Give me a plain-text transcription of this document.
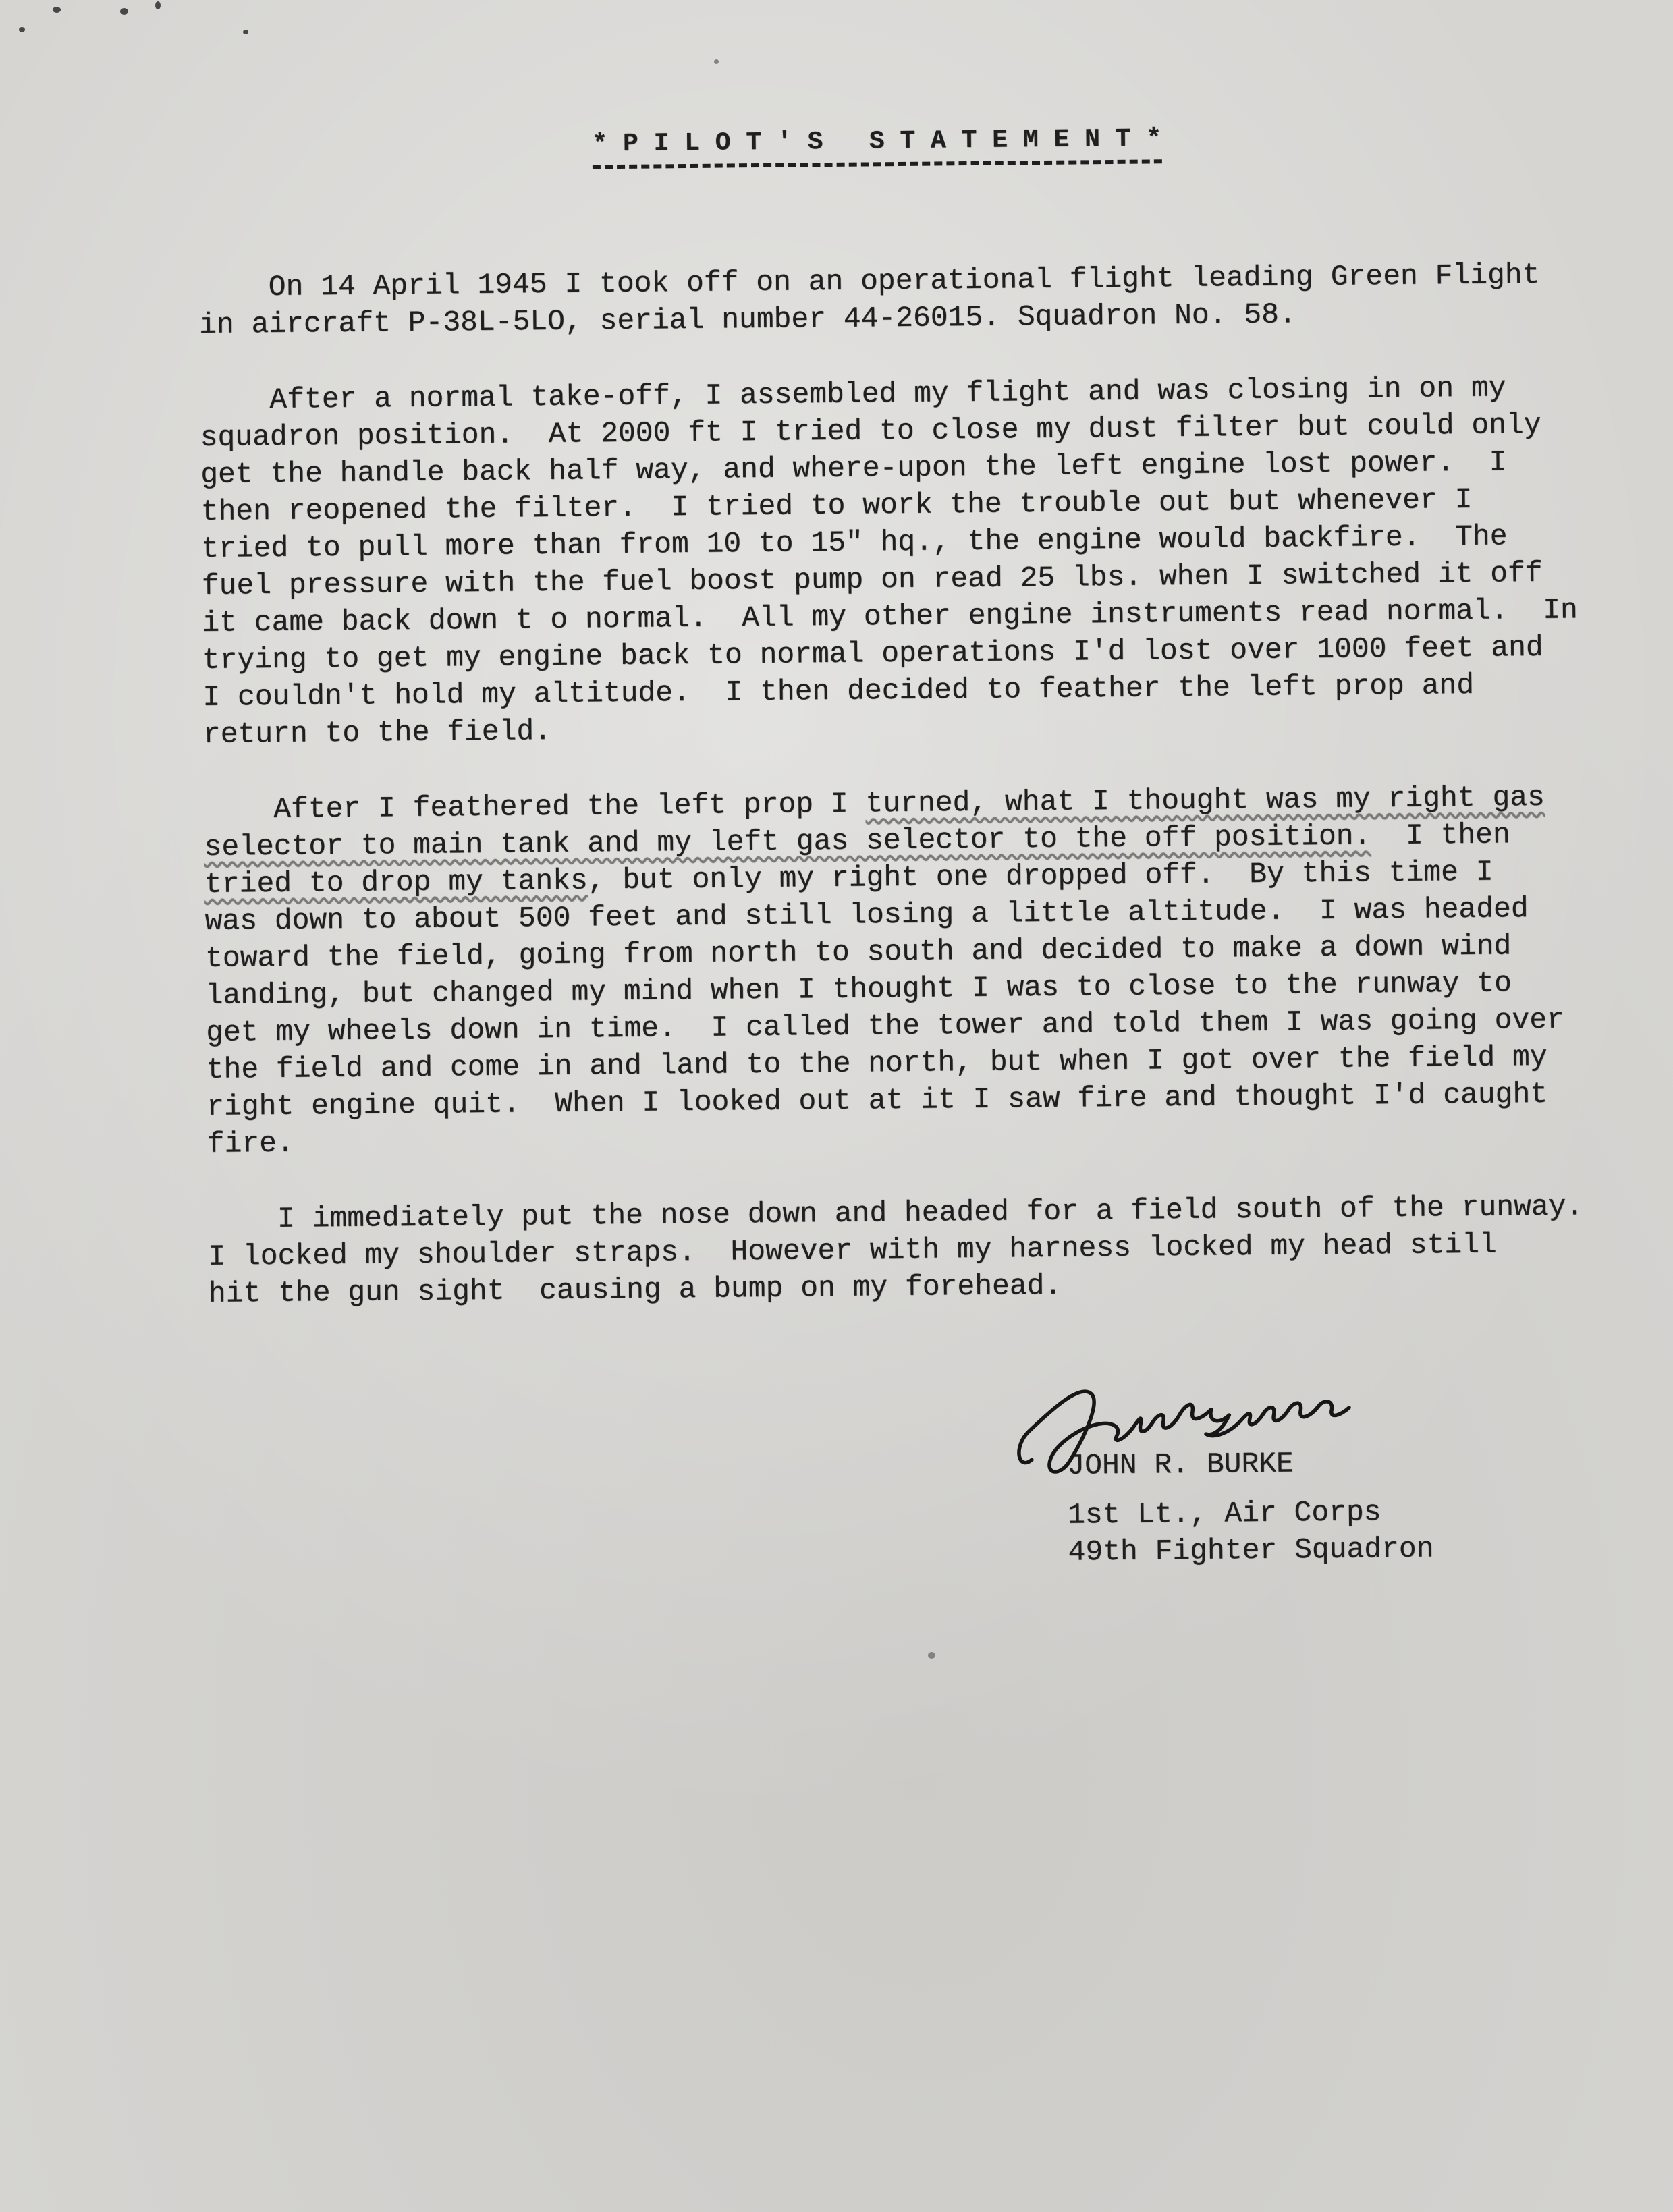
* P I L O T ' S   S T A T E M E N T *

On 14 April 1945 I took off on an operational flight leading Green Flight
in aircraft P-38L-5LO, serial number 44-26015. Squadron No. 58.
After a normal take-off, I assembled my flight and was closing in on my
squadron position.  At 2000 ft I tried to close my dust filter but could only
get the handle back half way, and where-upon the left engine lost power.  I
then reopened the filter.  I tried to work the trouble out but whenever I
tried to pull more than from 10 to 15" hq., the engine would backfire.  The
fuel pressure with the fuel boost pump on read 25 lbs. when I switched it off
it came back down t o normal.  All my other engine instruments read normal.  In
trying to get my engine back to normal operations I'd lost over 1000 feet and
I couldn't hold my altitude.  I then decided to feather the left prop and
return to the field.
After I feathered the left prop I turned, what I thought was my right gas
selector to main tank and my left gas selector to the off position.  I then
tried to drop my tanks, but only my right one dropped off.  By this time I
was down to about 500 feet and still losing a little altitude.  I was headed
toward the field, going from north to south and decided to make a down wind
landing, but changed my mind when I thought I was to close to the runway to
get my wheels down in time.  I called the tower and told them I was going over
the field and come in and land to the north, but when I got over the field my
right engine quit.  When I looked out at it I saw fire and thought I'd caught
fire.
I immediately put the nose down and headed for a field south of the runway.
I locked my shoulder straps.  However with my harness locked my head still
hit the gun sight  causing a bump on my forehead.
JOHN R. BURKE
1st Lt., Air Corps
49th Fighter Squadron
